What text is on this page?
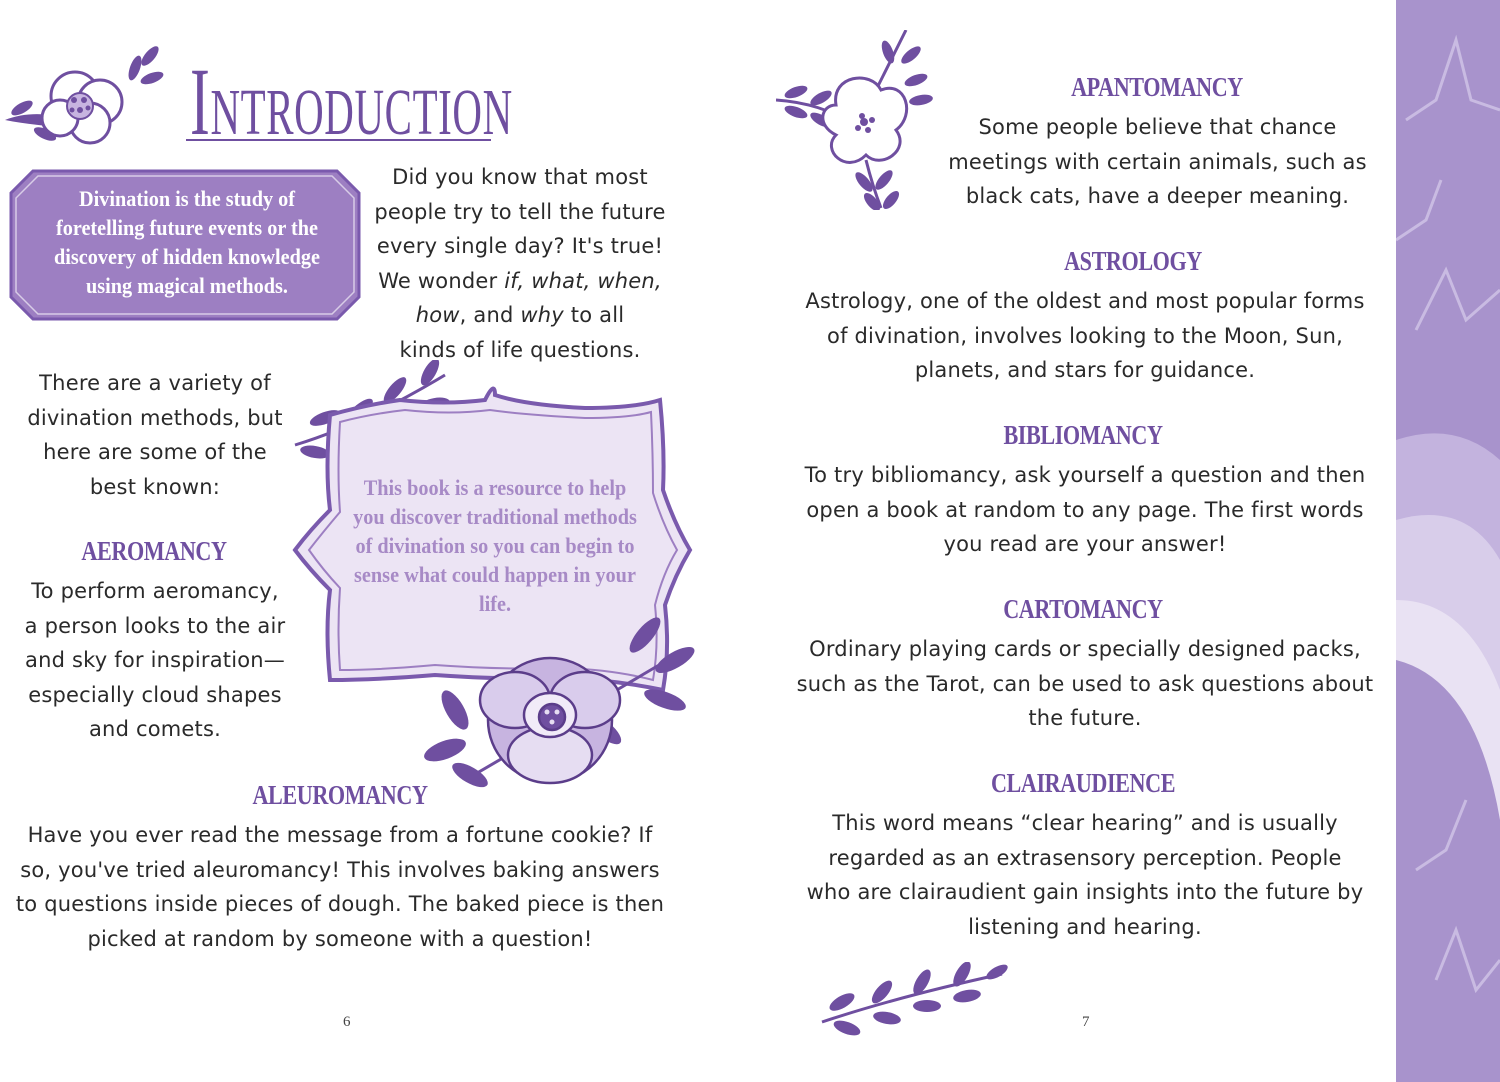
INTRODUCTION
Divination is the study of foretelling future events or the discovery of hidden knowledge using magical methods.
Did you know that most
people try to tell the future
every single day? It's true!
We wonder if, what, when,
how, and why to all
kinds of life questions.
There are a variety of
divination methods, but
here are some of the
best known:	This book is a resource to help you discover traditional methods of divination so you can begin to sense what could happen in your life.
AEROMANCY
To perform aeromancy,
a person looks to the air
and sky for inspiration—
especially cloud shapes
and comets.
ALEUROMANCY
Have you ever read the message from a fortune cookie? If
so, you've tried aleuromancy! This involves baking answers
to questions inside pieces of dough. The baked piece is then
picked at random by someone with a question!
6
APANTOMANCY
Some people believe that chance
meetings with certain animals, such as
black cats, have a deeper meaning.
ASTROLOGY
Astrology, one of the oldest and most popular forms
of divination, involves looking to the Moon, Sun,
planets, and stars for guidance.
BIBLIOMANCY
To try bibliomancy, ask yourself a question and then
open a book at random to any page. The first words
you read are your answer!
CARTOMANCY
Ordinary playing cards or specially designed packs,
such as the Tarot, can be used to ask questions about
the future.
CLAIRAUDIENCE
This word means “clear hearing” and is usually
regarded as an extrasensory perception. People
who are clairaudient gain insights into the future by
listening and hearing.
7
